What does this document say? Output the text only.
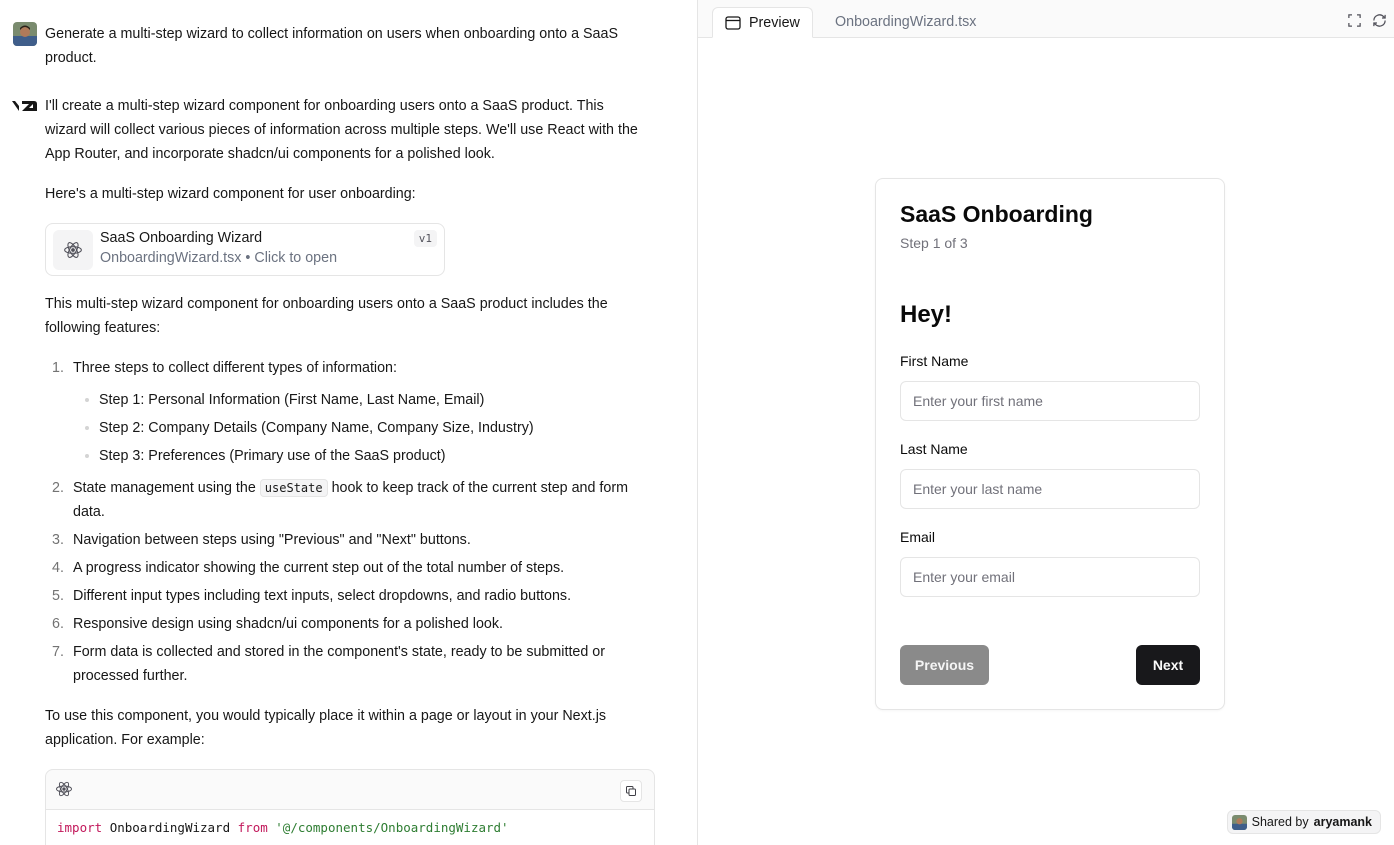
Generate a multi-step wizard to collect information on users when onboarding onto a SaaS product.
I'll create a multi-step wizard component for onboarding users onto a SaaS product. This wizard will collect various pieces of information across multiple steps. We'll use React with the App Router, and incorporate shadcn/ui components for a polished look.
Here's a multi-step wizard component for user onboarding:
SaaS Onboarding Wizard
OnboardingWizard.tsx • Click to open
v1
This multi-step wizard component for onboarding users onto a SaaS product includes the following features:
1. Three steps to collect different types of information:
Step 1: Personal Information (First Name, Last Name, Email)
Step 2: Company Details (Company Name, Company Size, Industry)
Step 3: Preferences (Primary use of the SaaS product)
2. State management using the useState hook to keep track of the current step and form data.
3. Navigation between steps using "Previous" and "Next" buttons.
4. A progress indicator showing the current step out of the total number of steps.
5. Different input types including text inputs, select dropdowns, and radio buttons.
6. Responsive design using shadcn/ui components for a polished look.
7. Form data is collected and stored in the component's state, ready to be submitted or processed further.
To use this component, you would typically place it within a page or layout in your Next.js application. For example:
import OnboardingWizard from '@/components/OnboardingWizard'
Preview OnboardingWizard.tsx
SaaS Onboarding
Step 1 of 3
Hey!
First Name
Enter your first name
Last Name
Enter your last name
Email
Enter your email
Previous	Next
Shared by aryamank
